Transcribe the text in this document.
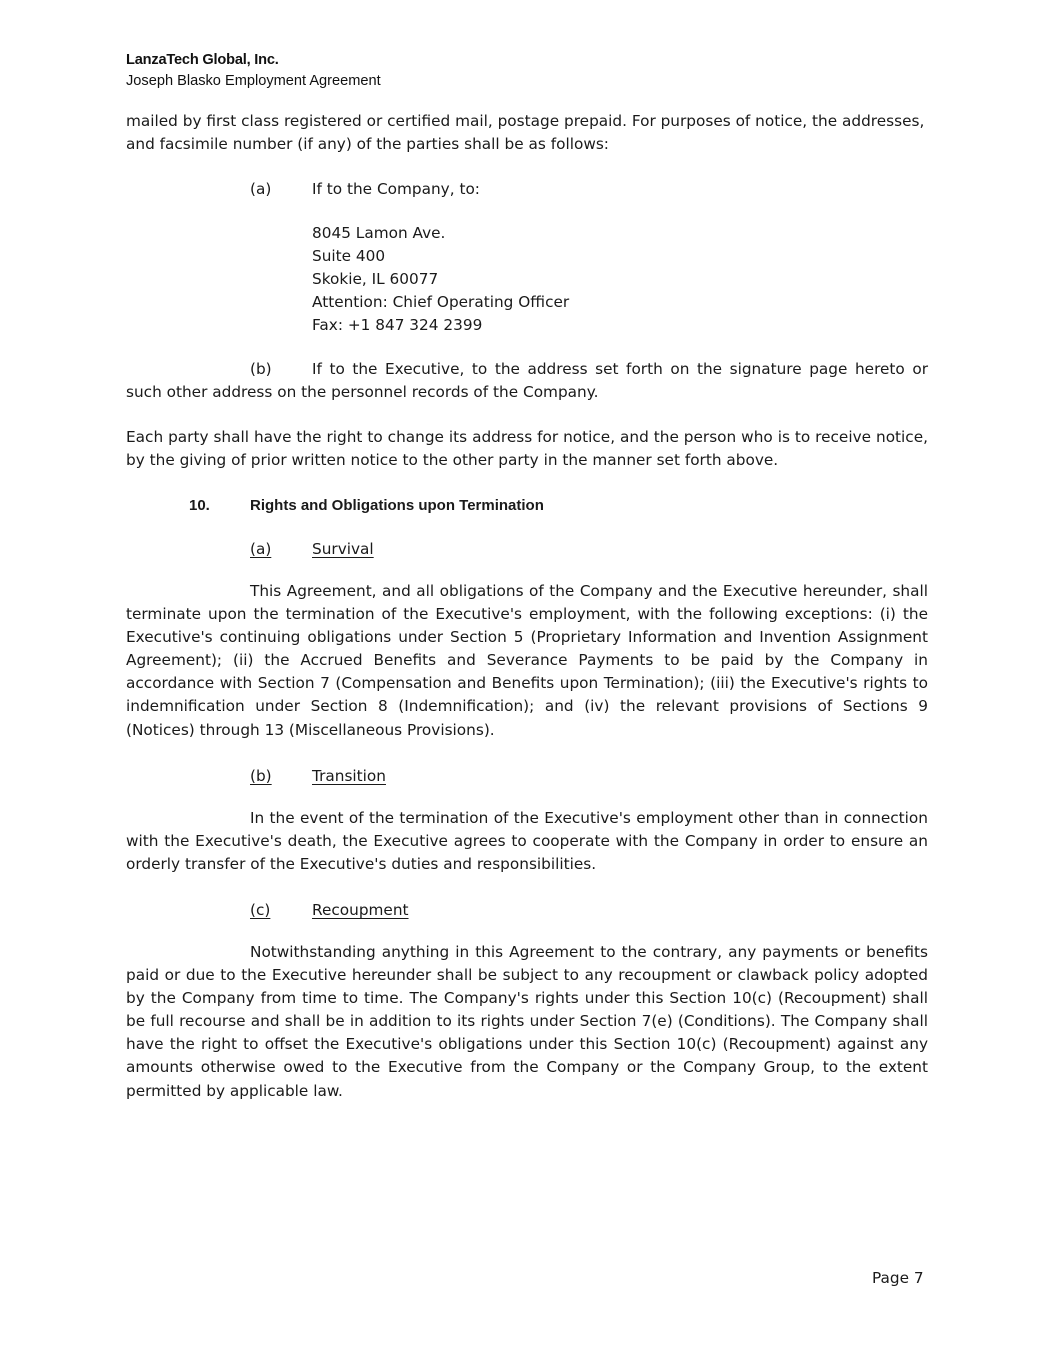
LanzaTech Global, Inc.
Joseph Blasko Employment Agreement
mailed by first class registered or certified mail, postage prepaid. For purposes of notice, the addresses, and facsimile number (if any) of the parties shall be as follows:
(a)	If to the Company, to:
8045 Lamon Ave.
Suite 400
Skokie, IL 60077
Attention: Chief Operating Officer
Fax: +1 847 324 2399
(b)	If to the Executive, to the address set forth on the signature page hereto or such other address on the personnel records of the Company.
Each party shall have the right to change its address for notice, and the person who is to receive notice, by the giving of prior written notice to the other party in the manner set forth above.
10.	Rights and Obligations upon Termination
(a)	Survival
This Agreement, and all obligations of the Company and the Executive hereunder, shall terminate upon the termination of the Executive's employment, with the following exceptions: (i) the Executive's continuing obligations under Section 5 (Proprietary Information and Invention Assignment Agreement); (ii) the Accrued Benefits and Severance Payments to be paid by the Company in accordance with Section 7 (Compensation and Benefits upon Termination); (iii) the Executive's rights to indemnification under Section 8 (Indemnification); and (iv) the relevant provisions of Sections 9 (Notices) through 13 (Miscellaneous Provisions).
(b)	Transition
In the event of the termination of the Executive's employment other than in connection with the Executive's death, the Executive agrees to cooperate with the Company in order to ensure an orderly transfer of the Executive's duties and responsibilities.
(c)	Recoupment
Notwithstanding anything in this Agreement to the contrary, any payments or benefits paid or due to the Executive hereunder shall be subject to any recoupment or clawback policy adopted by the Company from time to time. The Company's rights under this Section 10(c) (Recoupment) shall be full recourse and shall be in addition to its rights under Section 7(e) (Conditions). The Company shall have the right to offset the Executive's obligations under this Section 10(c) (Recoupment) against any amounts otherwise owed to the Executive from the Company or the Company Group, to the extent permitted by applicable law.
Page 7
